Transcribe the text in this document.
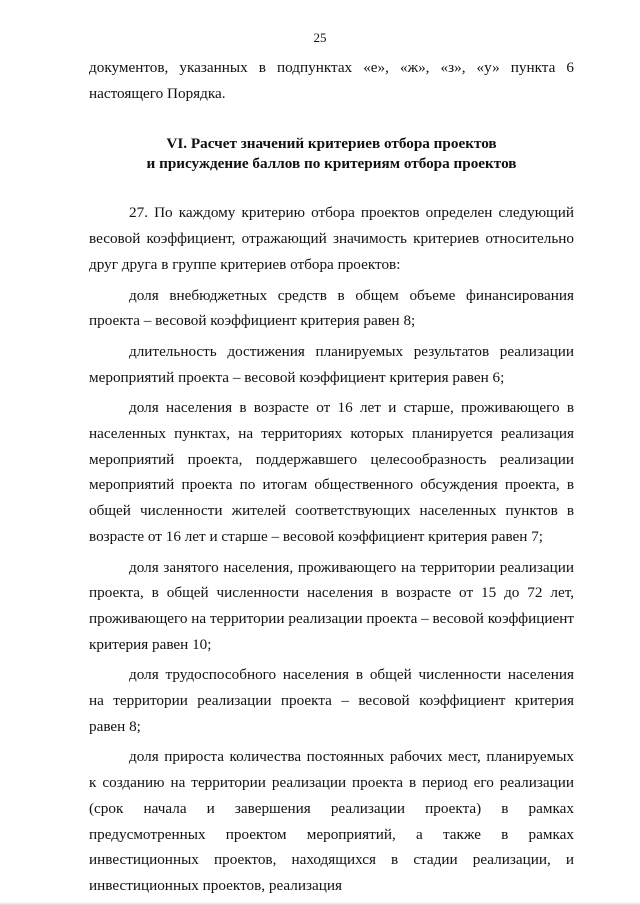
25

документов, указанных в подпунктах «е», «ж», «з», «у» пункта 6 настоящего Порядка.

VI. Расчет значений критериев отбора проектов
и присуждение баллов по критериям отбора проектов

27. По каждому критерию отбора проектов определен следующий весовой коэффициент, отражающий значимость критериев относительно друг друга в группе критериев отбора проектов:

доля внебюджетных средств в общем объеме финансирования проекта – весовой коэффициент критерия равен 8;

длительность достижения планируемых результатов реализации мероприятий проекта – весовой коэффициент критерия равен 6;

доля населения в возрасте от 16 лет и старше, проживающего в населенных пунктах, на территориях которых планируется реализация мероприятий проекта, поддержавшего целесообразность реализации мероприятий проекта по итогам общественного обсуждения проекта, в общей численности жителей соответствующих населенных пунктов в возрасте от 16 лет и старше – весовой коэффициент критерия равен 7;

доля занятого населения, проживающего на территории реализации проекта, в общей численности населения в возрасте от 15 до 72 лет, проживающего на территории реализации проекта – весовой коэффициент критерия равен 10;

доля трудоспособного населения в общей численности населения на территории реализации проекта – весовой коэффициент критерия равен 8;

доля прироста количества постоянных рабочих мест, планируемых к созданию на территории реализации проекта в период его реализации (срок начала и завершения реализации проекта) в рамках предусмотренных проектом мероприятий, а также в рамках инвестиционных проектов, находящихся в стадии реализации, и инвестиционных проектов, реализация
